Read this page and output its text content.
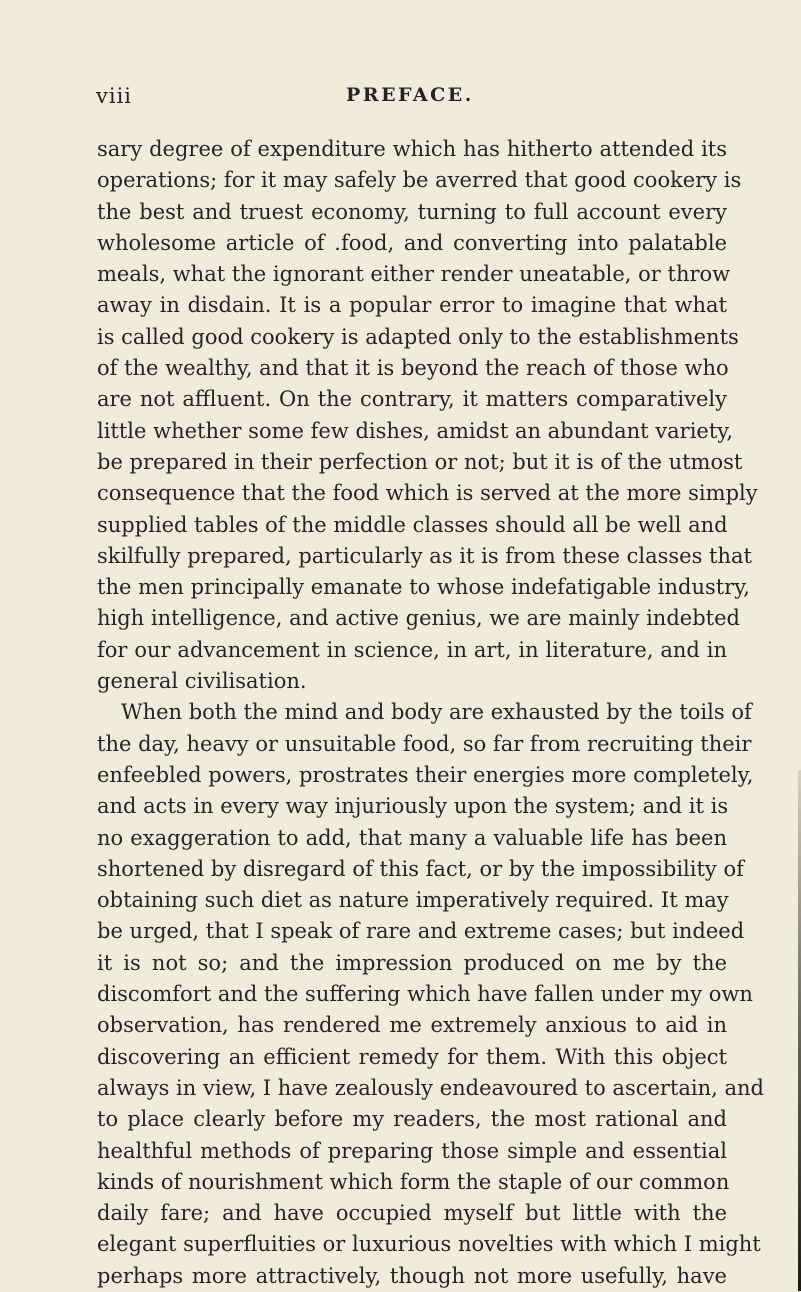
viii	PREFACE.
sary degree of expenditure which has hitherto attended its
operations; for it may safely be averred that good cookery is
the best and truest economy, turning to full account every
wholesome article of .food, and converting into palatable
meals, what the ignorant either render uneatable, or throw
away in disdain. It is a popular error to imagine that what
is called good cookery is adapted only to the establishments
of the wealthy, and that it is beyond the reach of those who
are not affluent. On the contrary, it matters comparatively
little whether some few dishes, amidst an abundant variety,
be prepared in their perfection or not; but it is of the utmost
consequence that the food which is served at the more simply
supplied tables of the middle classes should all be well and
skilfully prepared, particularly as it is from these classes that
the men principally emanate to whose indefatigable industry,
high intelligence, and active genius, we are mainly indebted
for our advancement in science, in art, in literature, and in
general civilisation.
When both the mind and body are exhausted by the toils of
the day, heavy or unsuitable food, so far from recruiting their
enfeebled powers, prostrates their energies more completely,
and acts in every way injuriously upon the system; and it is
no exaggeration to add, that many a valuable life has been
shortened by disregard of this fact, or by the impossibility of
obtaining such diet as nature imperatively required. It may
be urged, that I speak of rare and extreme cases; but indeed
it is not so; and the impression produced on me by the
discomfort and the suffering which have fallen under my own
observation, has rendered me extremely anxious to aid in
discovering an efficient remedy for them. With this object
always in view, I have zealously endeavoured to ascertain, and
to place clearly before my readers, the most rational and
healthful methods of preparing those simple and essential
kinds of nourishment which form the staple of our common
daily fare; and have occupied myself but little with the
elegant superfluities or luxurious novelties with which I might
perhaps more attractively, though not more usefully, have
